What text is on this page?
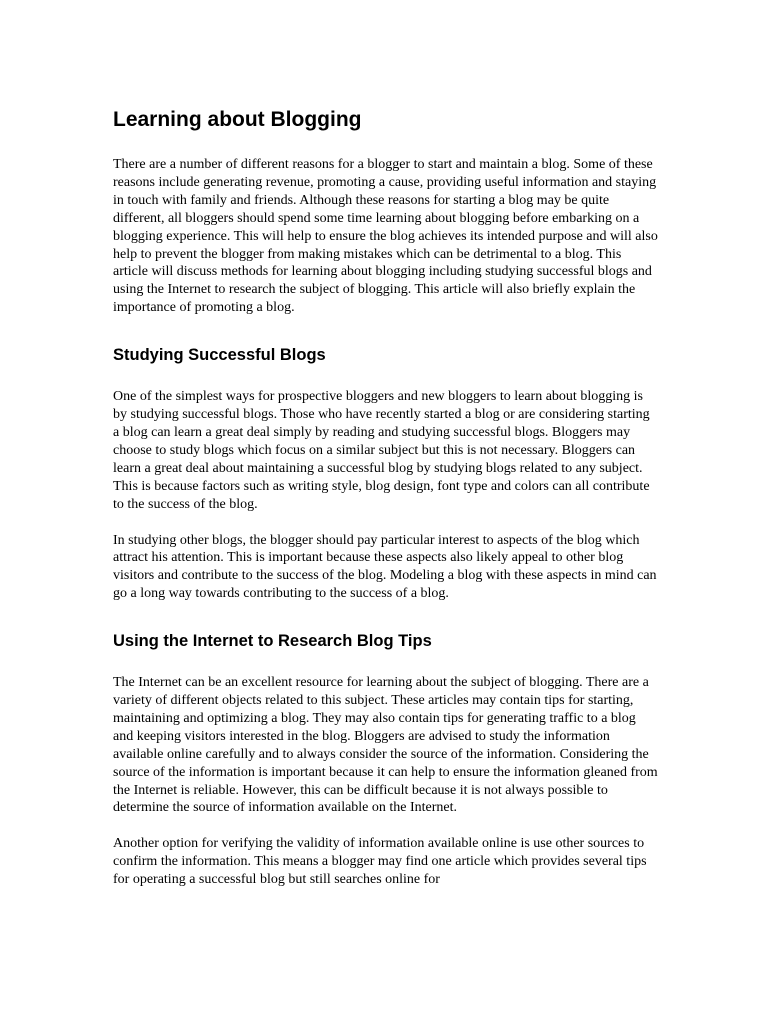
Learning about Blogging

There are a number of different reasons for a blogger to start and maintain a blog. Some of these reasons include generating revenue, promoting a cause, providing useful information and staying in touch with family and friends. Although these reasons for starting a blog may be quite different, all bloggers should spend some time learning about blogging before embarking on a blogging experience. This will help to ensure the blog achieves its intended purpose and will also help to prevent the blogger from making mistakes which can be detrimental to a blog. This article will discuss methods for learning about blogging including studying successful blogs and using the Internet to research the subject of blogging. This article will also briefly explain the importance of promoting a blog.

Studying Successful Blogs

One of the simplest ways for prospective bloggers and new bloggers to learn about blogging is by studying successful blogs. Those who have recently started a blog or are considering starting a blog can learn a great deal simply by reading and studying successful blogs. Bloggers may choose to study blogs which focus on a similar subject but this is not necessary. Bloggers can learn a great deal about maintaining a successful blog by studying blogs related to any subject. This is because factors such as writing style, blog design, font type and colors can all contribute to the success of the blog.

In studying other blogs, the blogger should pay particular interest to aspects of the blog which attract his attention. This is important because these aspects also likely appeal to other blog visitors and contribute to the success of the blog. Modeling a blog with these aspects in mind can go a long way towards contributing to the success of a blog.

Using the Internet to Research Blog Tips

The Internet can be an excellent resource for learning about the subject of blogging. There are a variety of different objects related to this subject. These articles may contain tips for starting, maintaining and optimizing a blog. They may also contain tips for generating traffic to a blog and keeping visitors interested in the blog. Bloggers are advised to study the information available online carefully and to always consider the source of the information. Considering the source of the information is important because it can help to ensure the information gleaned from the Internet is reliable. However, this can be difficult because it is not always possible to determine the source of information available on the Internet.

Another option for verifying the validity of information available online is use other sources to confirm the information. This means a blogger may find one article which provides several tips for operating a successful blog but still searches online for
